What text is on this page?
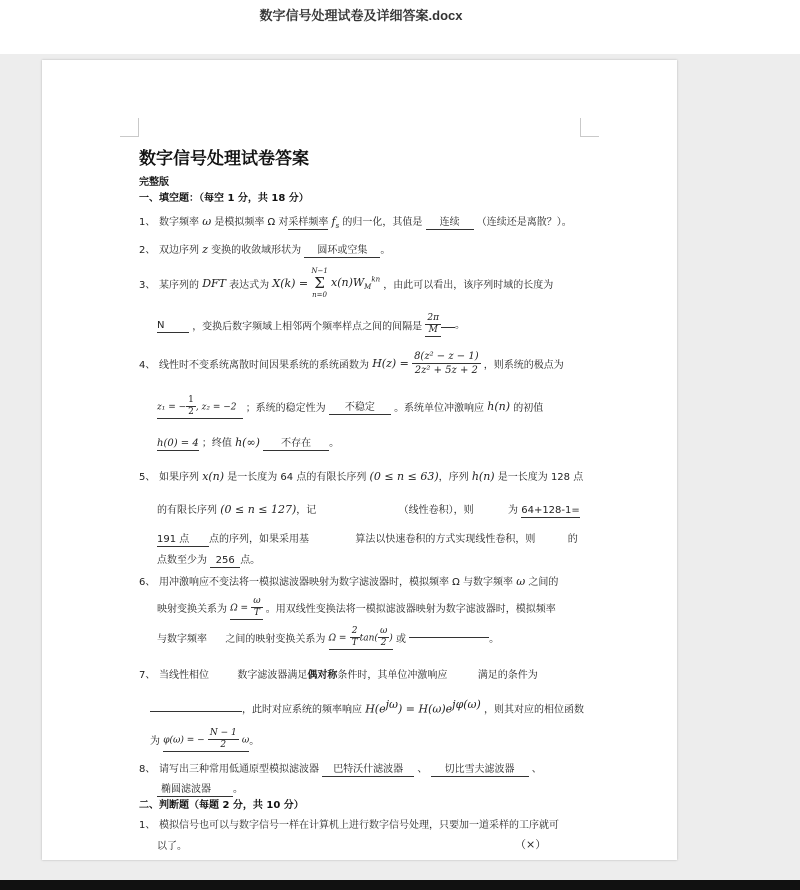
数字信号处理试卷及详细答案.docx
数字信号处理试卷答案
完整版
一、填空题：（每空 1 分，共 18 分）
1、 数字频率 ω 是模拟频率 Ω 对采样频率 $f_s$ 的归一化，其值是 连续 （连续还是离散？）。
2、 双边序列 z 变换的收敛域形状为 圆环或空集 。
3、 某序列的 DFT 表达式为 X(k) =
N−1
Σ
n=0
$x(n)W_M^{kn}$ ，由此可以看出，该序列时域的长度为
N	，变换后数字频域上相邻两个频率样点之间的间隔是 $\frac{2\pi}{M}$ 。
4、 线性时不变系统离散时间因果系统的系统函数为 $H(z) = \frac{\text{8(z² − z − 1)}}{\text{2z² + 5z + 2}}$ ，则系统的极点为
z₁ = − $\frac{1}{2}$ , z₂ = −2 ；系统的稳定性为 不稳定 。系统单位冲激响应 h(n) 的初值
h(0) = 4 ；终值 h(∞) 不存在 。
5、 如果序列 x(n) 是一长度为 64 点的有限长序列 (0 ≤ n ≤ 63)，序列 h(n) 是一长度为 128 点
的有限长序列 (0 ≤ n ≤ 127)，记	（线性卷积），则	为 64+128-1=
191 点 点的序列，如果采用基	算法以快速卷积的方式实现线性卷积，则	的
点数至少为 256 点。
6、 用冲激响应不变法将一模拟滤波器映射为数字滤波器时，模拟频率 Ω 与数字频率 ω 之间的
映射变换关系为 $\Omega = \frac{\omega}{T}$ 。用双线性变换法将一模拟滤波器映射为数字滤波器时，模拟频率
与数字频率 之间的映射变换关系为 $\Omega = \frac{2}{T} \tan( \frac{\omega}{2}$ ) 或	。
7、 当线性相位	数字滤波器满足偶对称条件时，其单位冲激响应	满足的条件为
，此时对应系统的频率响应 $H(e^{j\omega}) = H(\omega)e^{j\varphi(\omega)}$ ，则其对应的相位函数
为 φ(ω) = − $\frac{N - 1}{2}$ ω。
8、 请写出三种常用低通原型模拟滤波器 巴特沃什滤波器 、 切比雪夫滤波器 、
椭圆滤波器 。
二、判断题（每题 2 分，共 10 分）
1、 模拟信号也可以与数字信号一样在计算机上进行数字信号处理，只要加一道采样的工序就可
以了。	（×）
